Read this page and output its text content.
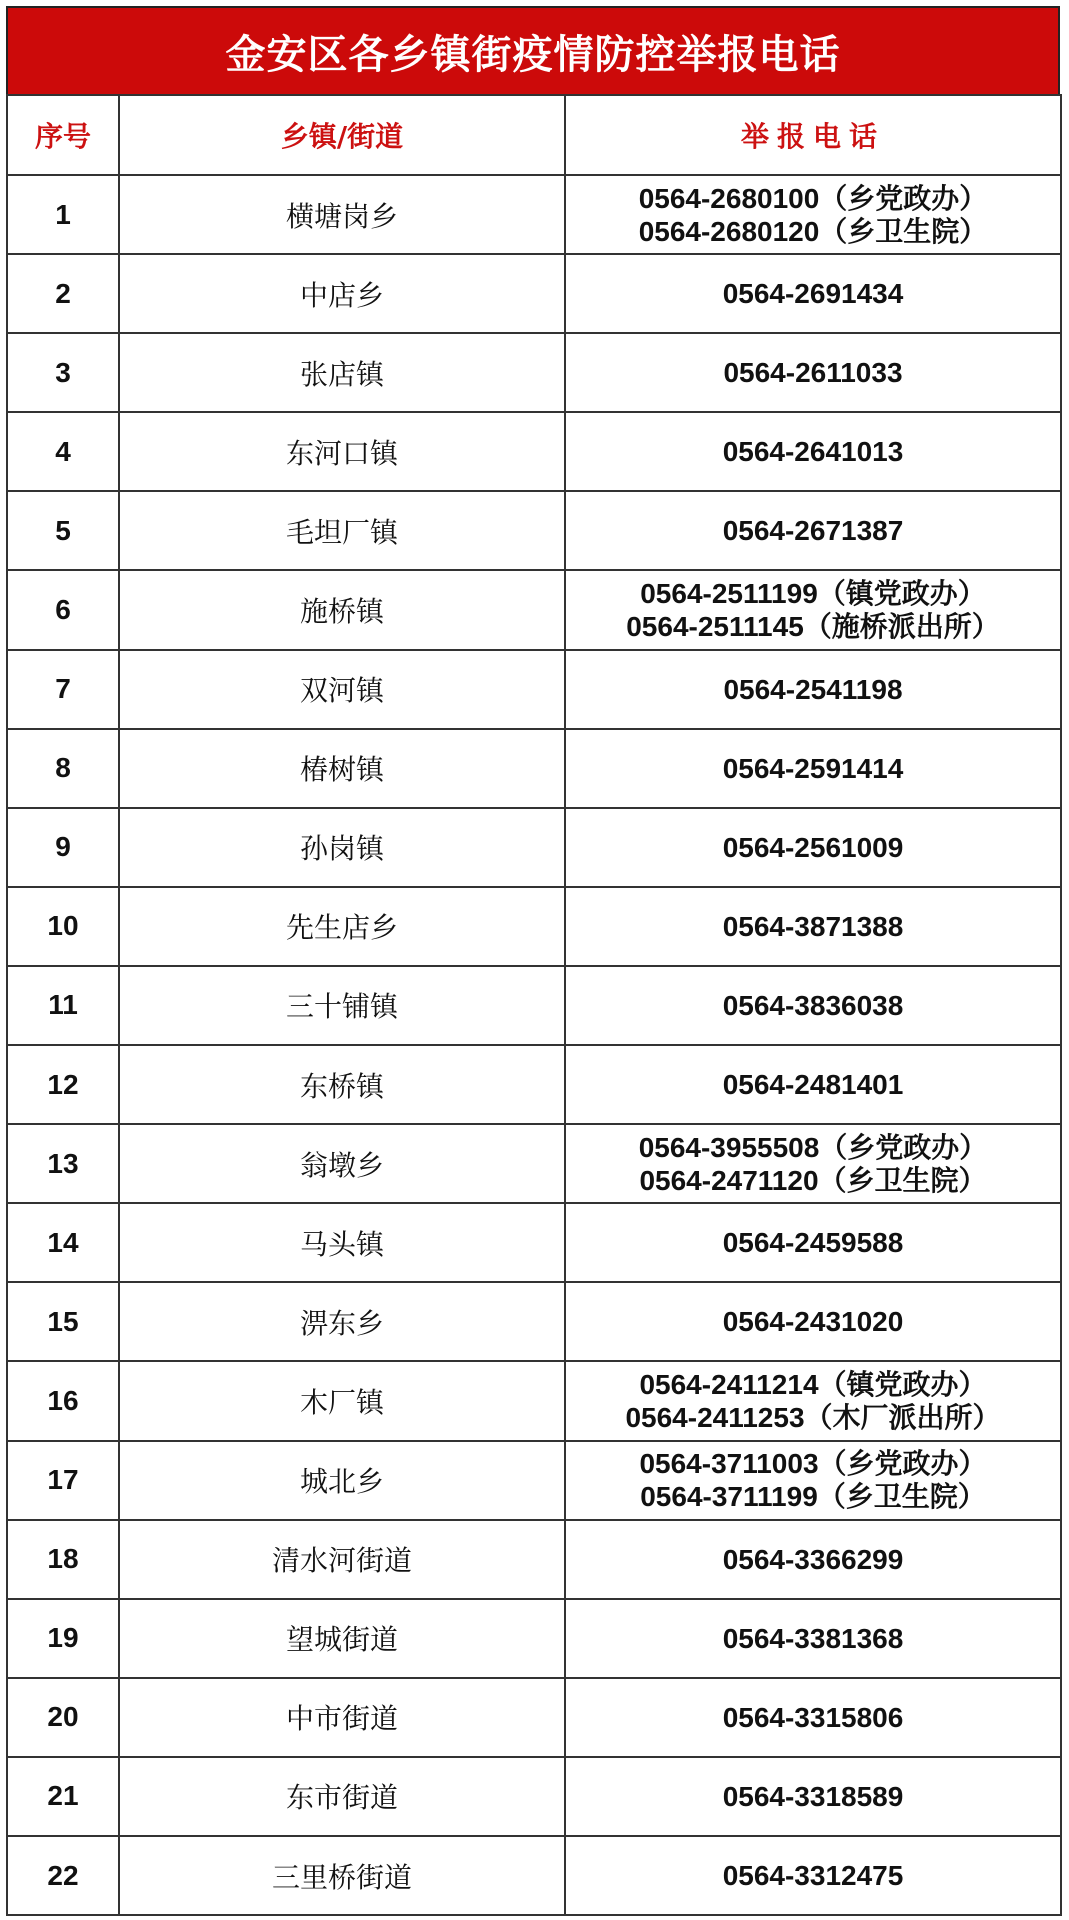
金安区各乡镇街疫情防控举报电话
序号	乡镇/街道	举报电话
1	横塘岗乡	0564-2680100（乡党政办）
0564-2680120（乡卫生院）

2	中店乡	0564-2691434

3	张店镇	0564-2611033

4	东河口镇	0564-2641013

5	毛坦厂镇	0564-2671387

6	施桥镇	0564-2511199（镇党政办）
0564-2511145（施桥派出所）

7	双河镇	0564-2541198

8	椿树镇	0564-2591414

9	孙岗镇	0564-2561009

10	先生店乡	0564-3871388

11	三十铺镇	0564-3836038

12	东桥镇	0564-2481401

13	翁墩乡	0564-3955508（乡党政办）
0564-2471120（乡卫生院）

14	马头镇	0564-2459588

15	淠东乡	0564-2431020

16	木厂镇	0564-2411214（镇党政办）
0564-2411253（木厂派出所）

17	城北乡	0564-3711003（乡党政办）
0564-3711199（乡卫生院）

18	清水河街道	0564-3366299

19	望城街道	0564-3381368

20	中市街道	0564-3315806

21	东市街道	0564-3318589

22	三里桥街道	0564-3312475
